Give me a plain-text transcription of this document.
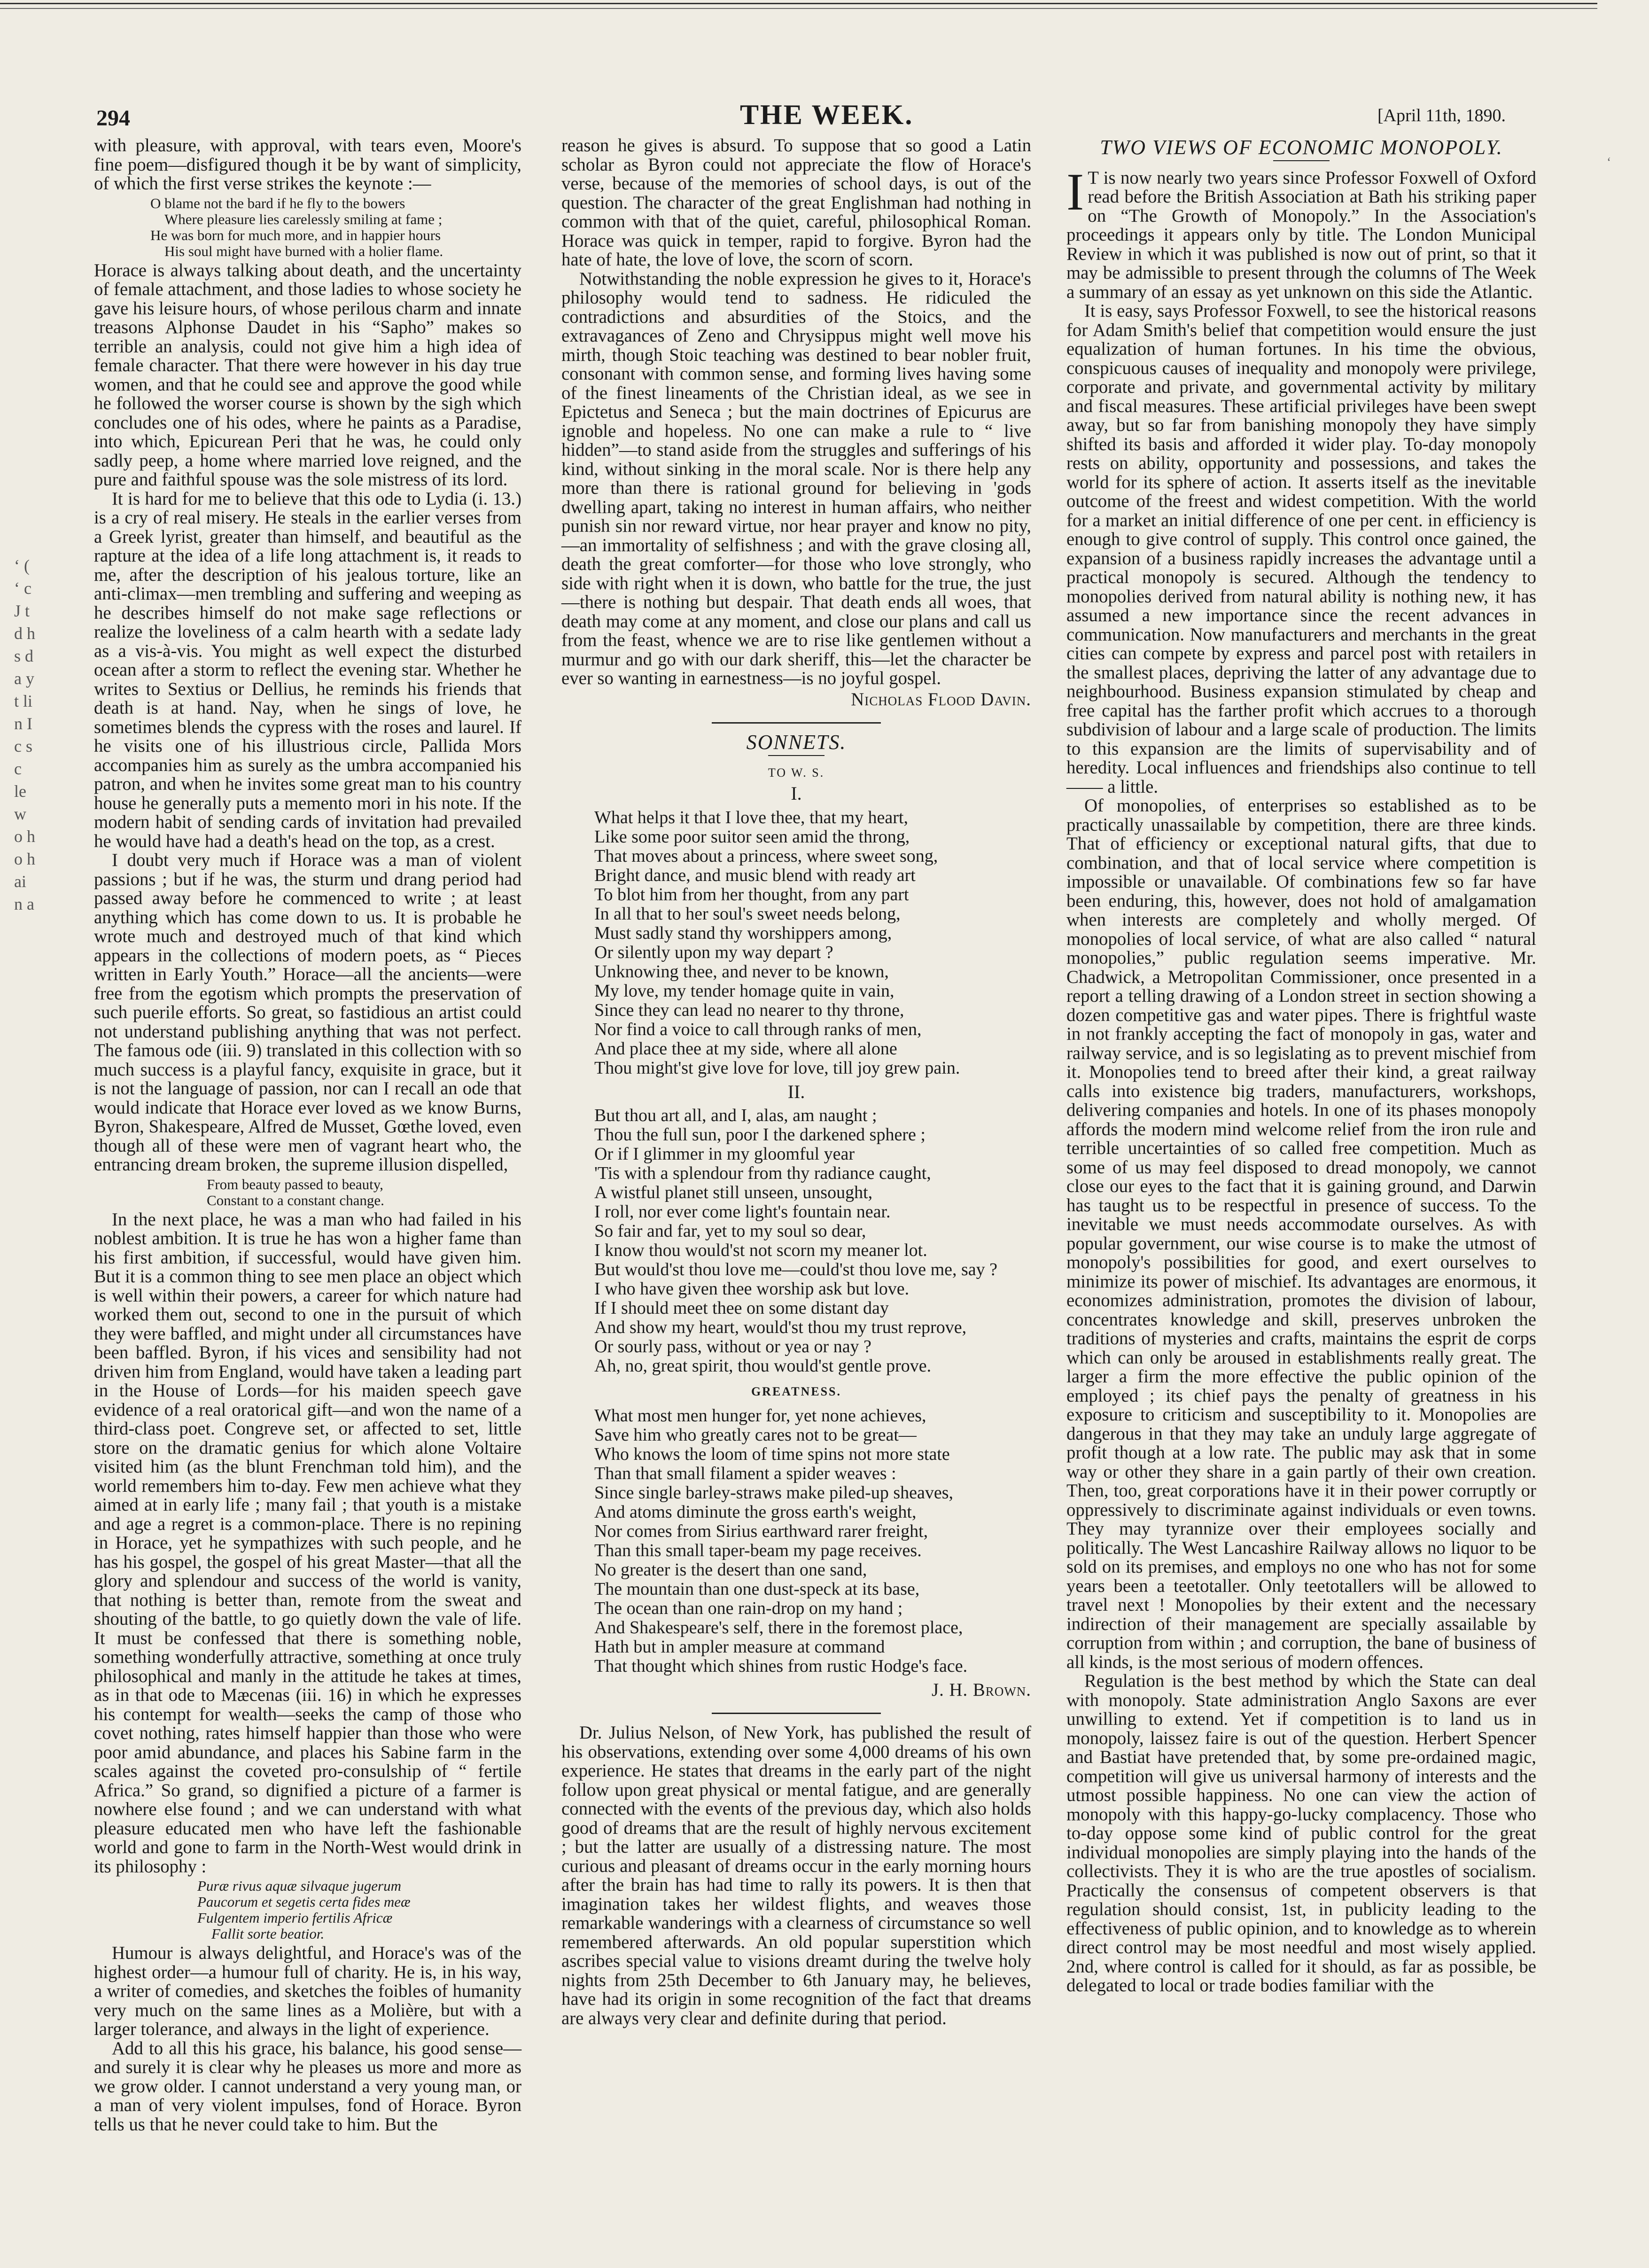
294	THE WEEK.	[April 11th, 1890.
‘ ( ‘ c J t d h s d a y t li n I c s c le w o h o h ai n a
‘

with pleasure, with approval, with tears even, Moore's fine poem—disfigured though it be by want of simplicity, of which the first verse strikes the keynote :—

O blame not the bard if he fly to the bowers
Where pleasure lies carelessly smiling at fame ;
He was born for much more, and in happier hours
His soul might have burned with a holier flame.

Horace is always talking about death, and the uncertainty of female attachment, and those ladies to whose society he gave his leisure hours, of whose perilous charm and innate treasons Alphonse Daudet in his “Sapho” makes so terrible an analysis, could not give him a high idea of female character. That there were however in his day true women, and that he could see and approve the good while he followed the worser course is shown by the sigh which concludes one of his odes, where he paints as a Paradise, into which, Epicurean Peri that he was, he could only sadly peep, a home where married love reigned, and the pure and faithful spouse was the sole mistress of its lord.

It is hard for me to believe that this ode to Lydia (i. 13.) is a cry of real misery. He steals in the earlier verses from a Greek lyrist, greater than himself, and beautiful as the rapture at the idea of a life long attachment is, it reads to me, after the description of his jealous torture, like an anti-climax—men trembling and suffering and weeping as he describes himself do not make sage reflections or realize the loveliness of a calm hearth with a sedate lady as a vis-à-vis. You might as well expect the disturbed ocean after a storm to reflect the evening star. Whether he writes to Sextius or Dellius, he reminds his friends that death is at hand. Nay, when he sings of love, he sometimes blends the cypress with the roses and laurel. If he visits one of his illustrious circle, Pallida Mors accompanies him as surely as the umbra accompanied his patron, and when he invites some great man to his country house he generally puts a memento mori in his note. If the modern habit of sending cards of invitation had prevailed he would have had a death's head on the top, as a crest.

I doubt very much if Horace was a man of violent passions ; but if he was, the sturm und drang period had passed away before he commenced to write ; at least anything which has come down to us. It is probable he wrote much and destroyed much of that kind which appears in the collections of modern poets, as “ Pieces written in Early Youth.” Horace—all the ancients—were free from the egotism which prompts the preservation of such puerile efforts. So great, so fastidious an artist could not understand publishing anything that was not perfect. The famous ode (iii. 9) translated in this collection with so much success is a playful fancy, exquisite in grace, but it is not the language of passion, nor can I recall an ode that would indicate that Horace ever loved as we know Burns, Byron, Shakespeare, Alfred de Musset, Gœthe loved, even though all of these were men of vagrant heart who, the entrancing dream broken, the supreme illusion dispelled,

From beauty passed to beauty,
Constant to a constant change.

In the next place, he was a man who had failed in his noblest ambition. It is true he has won a higher fame than his first ambition, if successful, would have given him. But it is a common thing to see men place an object which is well within their powers, a career for which nature had worked them out, second to one in the pursuit of which they were baffled, and might under all circumstances have been baffled. Byron, if his vices and sensibility had not driven him from England, would have taken a leading part in the House of Lords—for his maiden speech gave evidence of a real oratorical gift—and won the name of a third-class poet. Congreve set, or affected to set, little store on the dramatic genius for which alone Voltaire visited him (as the blunt Frenchman told him), and the world remembers him to-day. Few men achieve what they aimed at in early life ; many fail ; that youth is a mistake and age a regret is a common-place. There is no repining in Horace, yet he sympathizes with such people, and he has his gospel, the gospel of his great Master—that all the glory and splendour and success of the world is vanity, that nothing is better than, remote from the sweat and shouting of the battle, to go quietly down the vale of life. It must be confessed that there is something noble, something wonderfully attractive, something at once truly philosophical and manly in the attitude he takes at times, as in that ode to Mæcenas (iii. 16) in which he expresses his contempt for wealth—seeks the camp of those who covet nothing, rates himself happier than those who were poor amid abundance, and places his Sabine farm in the scales against the coveted pro-consulship of “ fertile Africa.” So grand, so dignified a picture of a farmer is nowhere else found ; and we can understand with what pleasure educated men who have left the fashionable world and gone to farm in the North-West would drink in its philosophy :

Puræ rivus aquæ silvaque jugerum
Paucorum et segetis certa fides meæ
Fulgentem imperio fertilis Africæ
Fallit sorte beatior.

Humour is always delightful, and Horace's was of the highest order—a humour full of charity. He is, in his way, a writer of comedies, and sketches the foibles of humanity very much on the same lines as a Molière, but with a larger tolerance, and always in the light of experience.

Add to all this his grace, his balance, his good sense—and surely it is clear why he pleases us more and more as we grow older. I cannot understand a very young man, or a man of very violent impulses, fond of Horace. Byron tells us that he never could take to him. But the

reason he gives is absurd. To suppose that so good a Latin scholar as Byron could not appreciate the flow of Horace's verse, because of the memories of school days, is out of the question. The character of the great Englishman had nothing in common with that of the quiet, careful, philosophical Roman. Horace was quick in temper, rapid to forgive. Byron had the hate of hate, the love of love, the scorn of scorn.

Notwithstanding the noble expression he gives to it, Horace's philosophy would tend to sadness. He ridiculed the contradictions and absurdities of the Stoics, and the extravagances of Zeno and Chrysippus might well move his mirth, though Stoic teaching was destined to bear nobler fruit, consonant with common sense, and forming lives having some of the finest lineaments of the Christian ideal, as we see in Epictetus and Seneca ; but the main doctrines of Epicurus are ignoble and hopeless. No one can make a rule to “ live hidden”—to stand aside from the struggles and sufferings of his kind, without sinking in the moral scale. Nor is there help any more than there is rational ground for believing in 'gods dwelling apart, taking no interest in human affairs, who neither punish sin nor reward virtue, nor hear prayer and know no pity,—an immortality of selfishness ; and with the grave closing all, death the great comforter—for those who love strongly, who side with right when it is down, who battle for the true, the just—there is nothing but despair. That death ends all woes, that death may come at any moment, and close our plans and call us from the feast, whence we are to rise like gentlemen without a murmur and go with our dark sheriff, this—let the character be ever so wanting in earnestness—is no joyful gospel.

Nicholas Flood Davin.
SONNETS.
TO W. S.
I.
What helps it that I love thee, that my heart,
Like some poor suitor seen amid the throng,
That moves about a princess, where sweet song,
Bright dance, and music blend with ready art
To blot him from her thought, from any part
In all that to her soul's sweet needs belong,
Must sadly stand thy worshippers among,
Or silently upon my way depart ?
Unknowing thee, and never to be known,
My love, my tender homage quite in vain,
Since they can lead no nearer to thy throne,
Nor find a voice to call through ranks of men,
And place thee at my side, where all alone
Thou might'st give love for love, till joy grew pain.
II.
But thou art all, and I, alas, am naught ;
Thou the full sun, poor I the darkened sphere ;
Or if I glimmer in my gloomful year
'Tis with a splendour from thy radiance caught,
A wistful planet still unseen, unsought,
I roll, nor ever come light's fountain near.
So fair and far, yet to my soul so dear,
I know thou would'st not scorn my meaner lot.
But would'st thou love me—could'st thou love me, say ?
I who have given thee worship ask but love.
If I should meet thee on some distant day
And show my heart, would'st thou my trust reprove,
Or sourly pass, without or yea or nay ?
Ah, no, great spirit, thou would'st gentle prove.
GREATNESS.
What most men hunger for, yet none achieves,
Save him who greatly cares not to be great—
Who knows the loom of time spins not more state
Than that small filament a spider weaves :
Since single barley-straws make piled-up sheaves,
And atoms diminute the gross earth's weight,
Nor comes from Sirius earthward rarer freight,
Than this small taper-beam my page receives.
No greater is the desert than one sand,
The mountain than one dust-speck at its base,
The ocean than one rain-drop on my hand ;
And Shakespeare's self, there in the foremost place,
Hath but in ampler measure at command
That thought which shines from rustic Hodge's face.
J. H. Brown.

Dr. Julius Nelson, of New York, has published the result of his observations, extending over some 4,000 dreams of his own experience. He states that dreams in the early part of the night follow upon great physical or mental fatigue, and are generally connected with the events of the previous day, which also holds good of dreams that are the result of highly nervous excitement ; but the latter are usually of a distressing nature. The most curious and pleasant of dreams occur in the early morning hours after the brain has had time to rally its powers. It is then that imagination takes her wildest flights, and weaves those remarkable wanderings with a clearness of circumstance so well remembered afterwards. An old popular superstition which ascribes special value to visions dreamt during the twelve holy nights from 25th December to 6th January may, he believes, have had its origin in some recognition of the fact that dreams are always very clear and definite during that period.

TWO VIEWS OF ECONOMIC MONOPOLY.

I T is now nearly two years since Professor Foxwell of Oxford read before the British Association at Bath his striking paper on “The Growth of Monopoly.” In the Association's proceedings it appears only by title. The London Municipal Review in which it was published is now out of print, so that it may be admissible to present through the columns of The Week a summary of an essay as yet unknown on this side the Atlantic.

It is easy, says Professor Foxwell, to see the historical reasons for Adam Smith's belief that competition would ensure the just equalization of human fortunes. In his time the obvious, conspicuous causes of inequality and monopoly were privilege, corporate and private, and governmental activity by military and fiscal measures. These artificial privileges have been swept away, but so far from banishing monopoly they have simply shifted its basis and afforded it wider play. To-day monopoly rests on ability, opportunity and possessions, and takes the world for its sphere of action. It asserts itself as the inevitable outcome of the freest and widest competition. With the world for a market an initial difference of one per cent. in efficiency is enough to give control of supply. This control once gained, the expansion of a business rapidly increases the advantage until a practical monopoly is secured. Although the tendency to monopolies derived from natural ability is nothing new, it has assumed a new importance since the recent advances in communication. Now manufacturers and merchants in the great cities can compete by express and parcel post with retailers in the smallest places, depriving the latter of any advantage due to neighbourhood. Business expansion stimulated by cheap and free capital has the farther profit which accrues to a thorough subdivision of labour and a large scale of production. The limits to this expansion are the limits of supervisability and of heredity. Local influences and friendships also continue to tell —— a little.

Of monopolies, of enterprises so established as to be practically unassailable by competition, there are three kinds. That of efficiency or exceptional natural gifts, that due to combination, and that of local service where competition is impossible or unavailable. Of combinations few so far have been enduring, this, however, does not hold of amalgamation when interests are completely and wholly merged. Of monopolies of local service, of what are also called “ natural monopolies,” public regulation seems imperative. Mr. Chadwick, a Metropolitan Commissioner, once presented in a report a telling drawing of a London street in section showing a dozen competitive gas and water pipes. There is frightful waste in not frankly accepting the fact of monopoly in gas, water and railway service, and is so legislating as to prevent mischief from it. Monopolies tend to breed after their kind, a great railway calls into existence big traders, manufacturers, workshops, delivering companies and hotels. In one of its phases monopoly affords the modern mind welcome relief from the iron rule and terrible uncertainties of so called free competition. Much as some of us may feel disposed to dread monopoly, we cannot close our eyes to the fact that it is gaining ground, and Darwin has taught us to be respectful in presence of success. To the inevitable we must needs accommodate ourselves. As with popular government, our wise course is to make the utmost of monopoly's possibilities for good, and exert ourselves to minimize its power of mischief. Its advantages are enormous, it economizes administration, promotes the division of labour, concentrates knowledge and skill, preserves unbroken the traditions of mysteries and crafts, maintains the esprit de corps which can only be aroused in establishments really great. The larger a firm the more effective the public opinion of the employed ; its chief pays the penalty of greatness in his exposure to criticism and susceptibility to it. Monopolies are dangerous in that they may take an unduly large aggregate of profit though at a low rate. The public may ask that in some way or other they share in a gain partly of their own creation. Then, too, great corporations have it in their power corruptly or oppressively to discriminate against individuals or even towns. They may tyrannize over their employees socially and politically. The West Lancashire Railway allows no liquor to be sold on its premises, and employs no one who has not for some years been a teetotaller. Only teetotallers will be allowed to travel next ! Monopolies by their extent and the necessary indirection of their management are specially assailable by corruption from within ; and corruption, the bane of business of all kinds, is the most serious of modern offences.

Regulation is the best method by which the State can deal with monopoly. State administration Anglo Saxons are ever unwilling to extend. Yet if competition is to land us in monopoly, laissez faire is out of the question. Herbert Spencer and Bastiat have pretended that, by some pre-ordained magic, competition will give us universal harmony of interests and the utmost possible happiness. No one can view the action of monopoly with this happy-go-lucky complacency. Those who to-day oppose some kind of public control for the great individual monopolies are simply playing into the hands of the collectivists. They it is who are the true apostles of socialism. Practically the consensus of competent observers is that regulation should consist, 1st, in publicity leading to the effectiveness of public opinion, and to knowledge as to wherein direct control may be most needful and most wisely applied. 2nd, where control is called for it should, as far as possible, be delegated to local or trade bodies familiar with the
